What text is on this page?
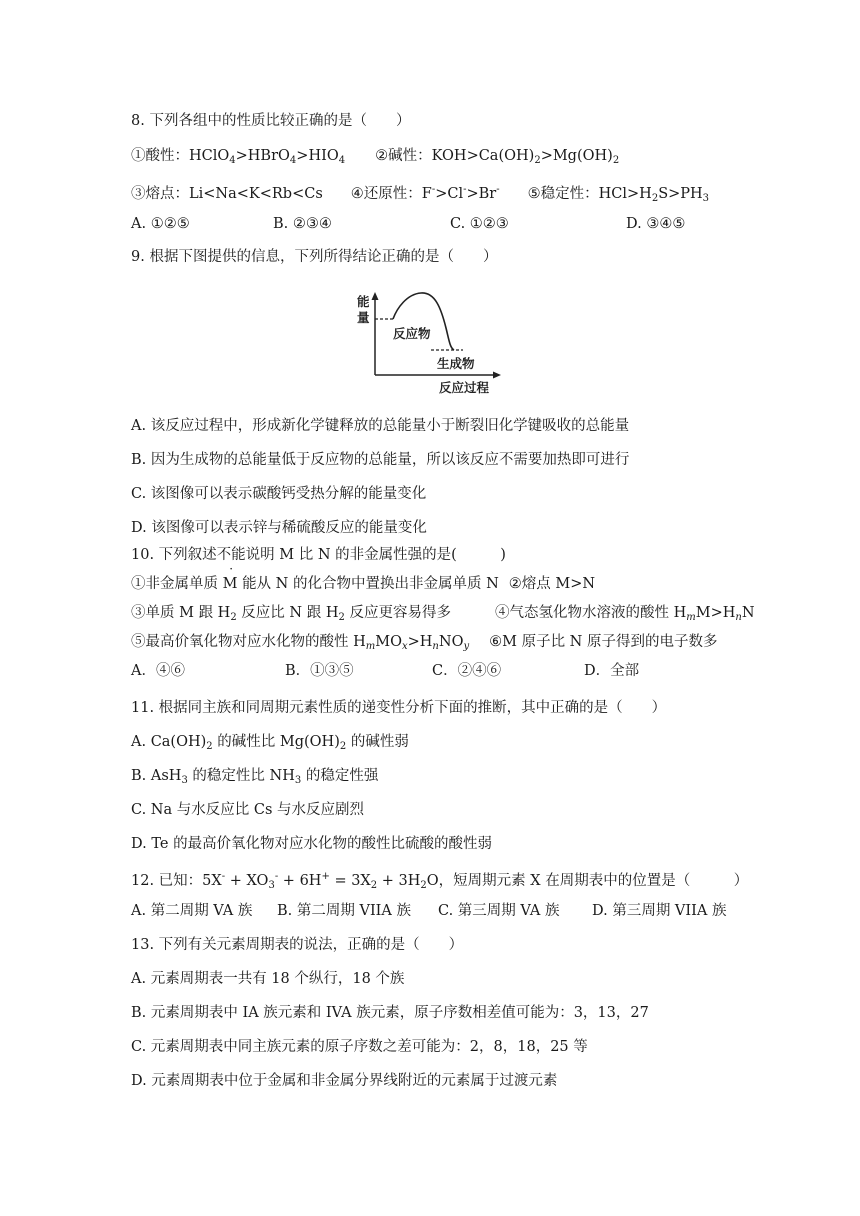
8. 下列各组中的性质比较正确的是（　　）
①酸性：$HClO_4>HBrO_4>HIO_4$ ②碱性：$KOH>Ca(OH)_2>Mg(OH)_2$
③熔点：Li<Na<K<Rb<Cs ④还原性：F->Cl->Br- ⑤稳定性：$HCl>H_2S>PH_3$
A. ①②⑤	B. ②③④	C. ①②③	D. ③④⑤
9. 根据下图提供的信息，下列所得结论正确的是（　　）
能
量
反应物
生成物
反应过程
A. 该反应过程中，形成新化学键释放的总能量小于断裂旧化学键吸收的总能量
B. 因为生成物的总能量低于反应物的总能量，所以该反应不需要加热即可进行
C. 该图像可以表示碳酸钙受热分解的能量变化
D. 该图像可以表示锌与稀硫酸反应的能量变化
10. 下列叙述不能说明 M 比 N 的非金属性强的是(　　　)
①非金属单质 M 能从 N 的化合物中置换出非金属单质 N ②熔点 M>N
③单质 M 跟 $H_2$ 反应比 N 跟 $H_2$ 反应更容易得多	④气态氢化物水溶液的酸性 $H_mM>H_nN$
⑤最高价氧化物对应水化物的酸性 $H_mMO_x>H_nNO_y$ ⑥M 原子比 N 原子得到的电子数多
A．④⑥	B．①③⑤	C．②④⑥	D．全部
11. 根据同主族和同周期元素性质的递变性分析下面的推断，其中正确的是（　　）
A. $Ca(OH)_2$ 的碱性比 $Mg(OH)_2$ 的碱性弱
B. AsH$_3$ 的稳定性比 $NH_3$ 的稳定性强
C. Na 与水反应比 Cs 与水反应剧烈
D. Te 的最高价氧化物对应水化物的酸性比硫酸的酸性弱
12. 已知：$5X^- + XO_3^- + 6H^+ = 3X_2 + 3H_2O$，短周期元素 X 在周期表中的位置是（　　　）
A. 第二周期 VA 族 B. 第二周期 VIIA 族 C. 第三周期 VA 族 D. 第三周期 VIIA 族
13. 下列有关元素周期表的说法，正确的是（　　）
A. 元素周期表一共有 18 个纵行，18 个族
B. 元素周期表中 IA 族元素和 IVA 族元素，原子序数相差值可能为：3，13，27
C. 元素周期表中同主族元素的原子序数之差可能为：2，8，18，25 等
D. 元素周期表中位于金属和非金属分界线附近的元素属于过渡元素
